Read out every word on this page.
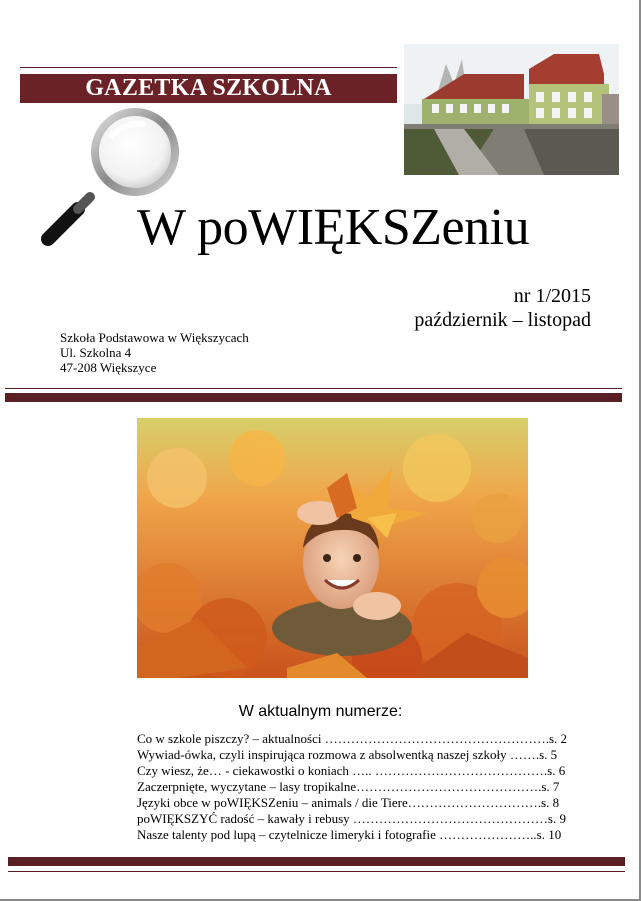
GAZETKA SZKOLNA
W poWIĘKSZeniu
nr 1/2015
październik – listopad
Szkoła Podstawowa w Większycach
Ul. Szkolna 4
47-208 Większyce
W aktualnym numerze:
Co w szkole piszczy? – aktualności …………………………………………….s. 2
Wywiad-ówka, czyli inspirująca rozmowa z absolwentką naszej szkoły …….s. 5
Czy wiesz, że… - ciekawostki o koniach ….. ………………………………….s. 6
Zaczerpnięte, wyczytane – lasy tropikalne…………………………………….s. 7
Języki obce w poWIĘKSZeniu – animals / die Tiere………………………….s. 8
poWIĘKSZYĆ radość – kawały i rebusy ………………………………………s. 9
Nasze talenty pod lupą – czytelnicze limeryki i fotografie …………………..s. 10
